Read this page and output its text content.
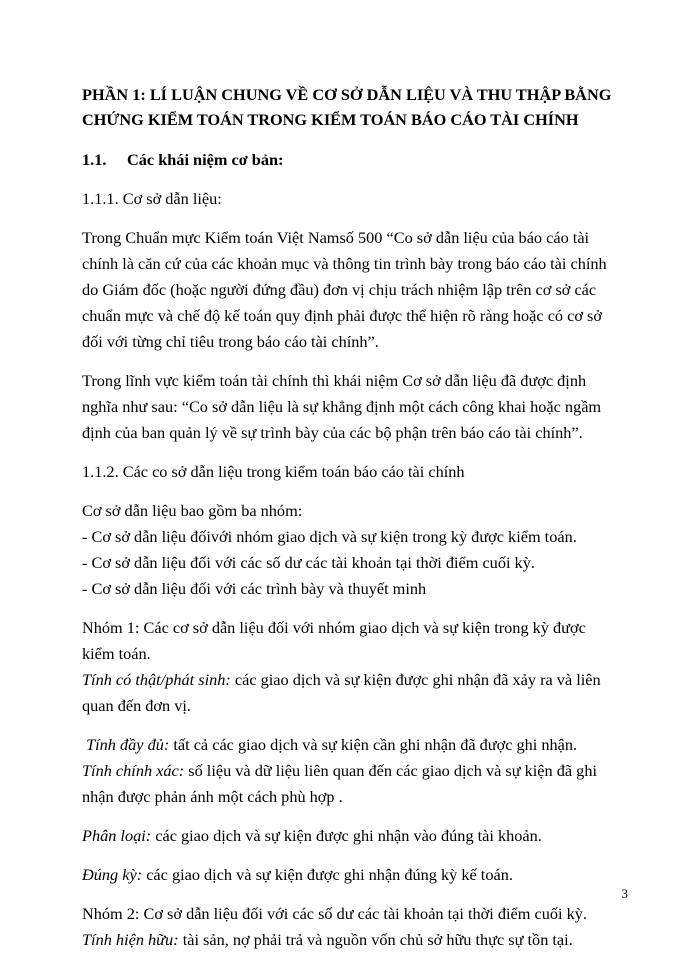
PHẦN 1: LÍ LUẬN CHUNG VỀ CƠ SỞ DẪN LIỆU VÀ THU THẬP BẰNG
CHỨNG KIỂM TOÁN TRONG KIỂM TOÁN BÁO CÁO TÀI CHÍNH
1.1. Các khái niệm cơ bản:
1.1.1. Cơ sở dẫn liệu:

Trong Chuẩn mực Kiểm toán Việt Namsố 500 “Co sở dẫn liệu của báo cáo tài chính là căn cứ của các khoản mục và thông tin trình bày trong báo cáo tài chính do Giám đốc (hoặc người đứng đầu) đơn vị chịu trách nhiệm lập trên cơ sở các chuẩn mực và chế độ kế toán quy định phải được thể hiện rõ ràng hoặc có cơ sở đối với từng chỉ tiêu trong báo cáo tài chính”.

Trong lĩnh vực kiểm toán tài chính thì khái niệm Cơ sở dẫn liệu đã được định nghĩa như sau: “Co sở dẫn liệu là sự khẳng định một cách công khai hoặc ngầm định của ban quản lý về sự trình bày của các bộ phận trên báo cáo tài chính”.

1.1.2. Các co sở dẫn liệu trong kiểm toán báo cáo tài chính

Cơ sở dẫn liệu bao gồm ba nhóm:

- Cơ sở dẫn liệu đốivới nhóm giao dịch và sự kiện trong kỳ được kiểm toán.
- Cơ sở dẫn liệu đối với các số dư các tài khoản tại thời điểm cuối kỳ.
- Cơ sở dẫn liệu đối với các trình bày và thuyết minh

Nhóm 1: Các cơ sở dẫn liệu đối với nhóm giao dịch và sự kiện trong kỳ được kiểm toán.

Tính có thật/phát sinh: các giao dịch và sự kiện được ghi nhận đã xảy ra và liên quan đến đơn vị.

Tính đầy đủ: tất cả các giao dịch và sự kiện cần ghi nhận đã được ghi nhận.

Tính chính xác: số liệu và dữ liệu liên quan đến các giao dịch và sự kiện đã ghi nhận được phản ánh một cách phù hợp .

Phân loại: các giao dịch và sự kiện được ghi nhận vào đúng tài khoản.

Đúng kỳ: các giao dịch và sự kiện được ghi nhận đúng kỳ kế toán.

Nhóm 2: Cơ sở dẫn liệu đối với các số dư các tài khoản tại thời điểm cuối kỳ.

Tính hiện hữu: tài sản, nợ phải trả và nguồn vốn chủ sở hữu thực sự tồn tại.
3
